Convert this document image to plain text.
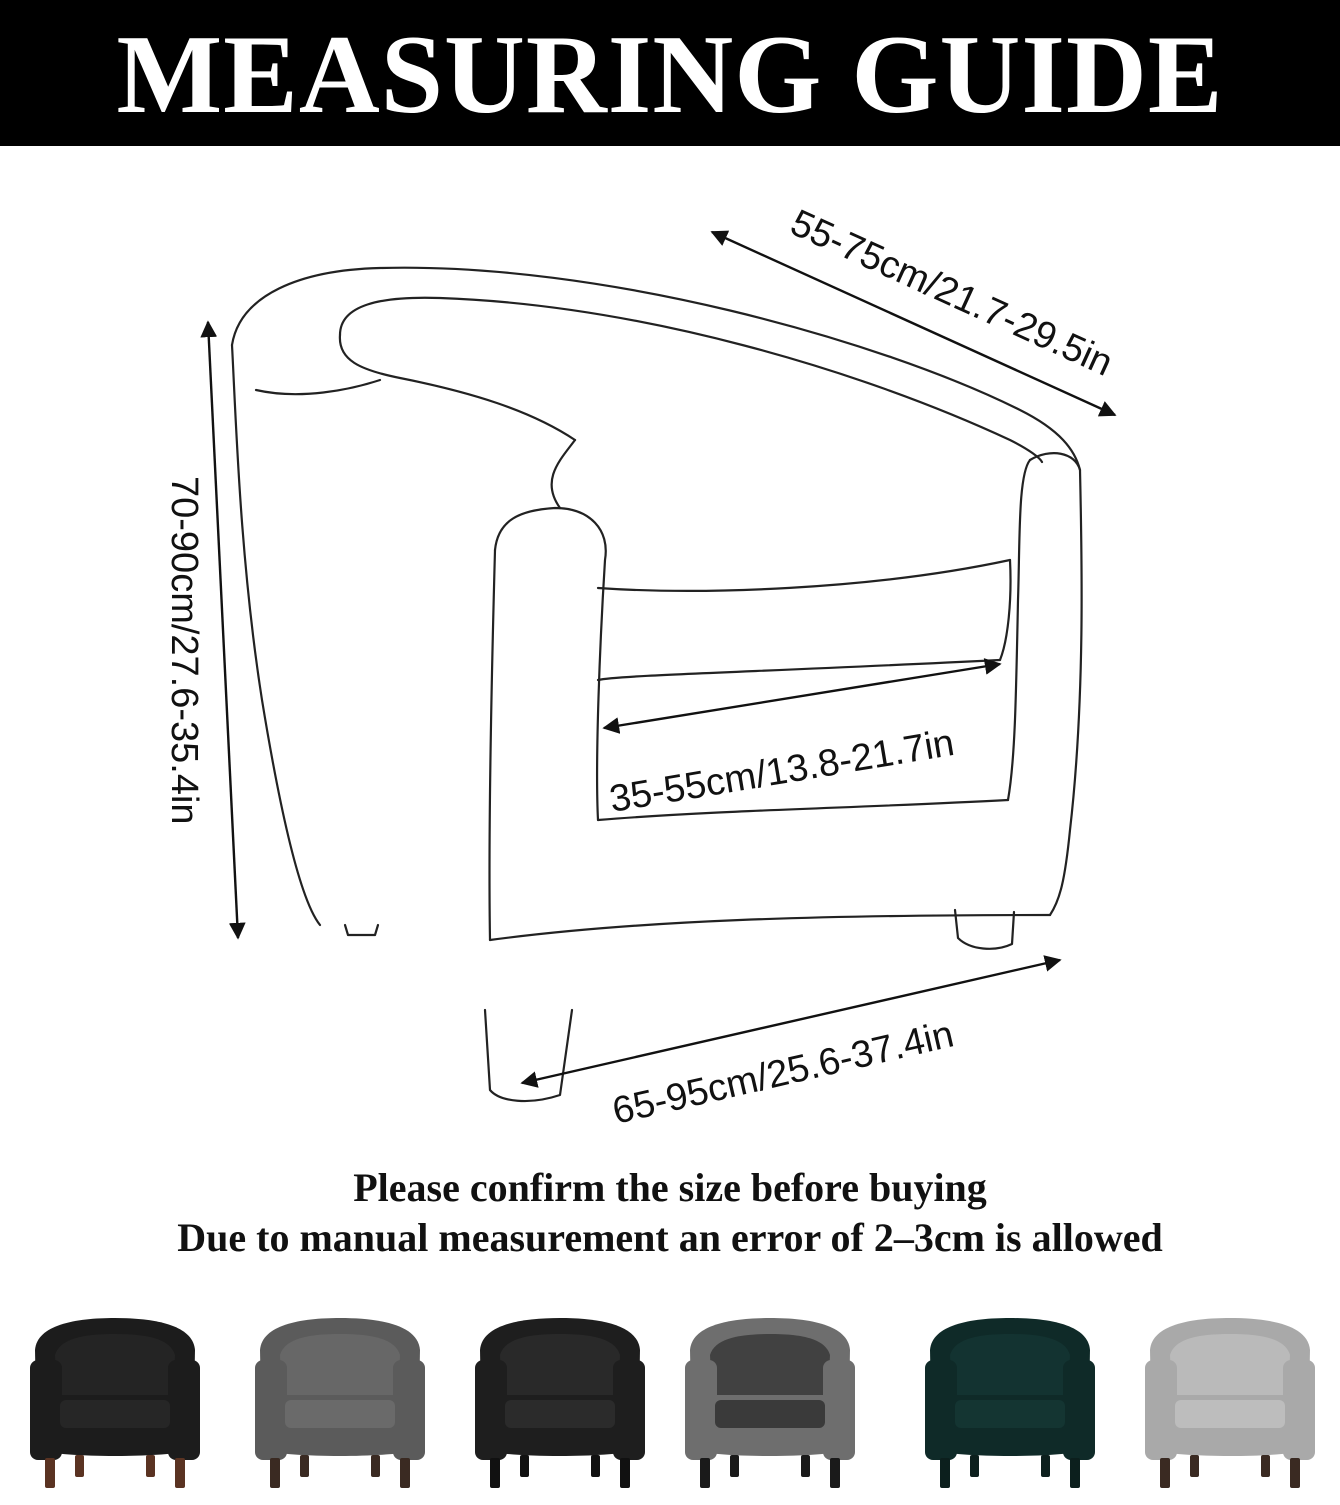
MEASURING GUIDE
55-75cm/21.7-29.5in
70-90cm/27.6-35.4in	35-55cm/13.8-21.7in
65-95cm/25.6-37.4in
Please confirm the size before buying
Due to manual measurement an error of 2–3cm is allowed
